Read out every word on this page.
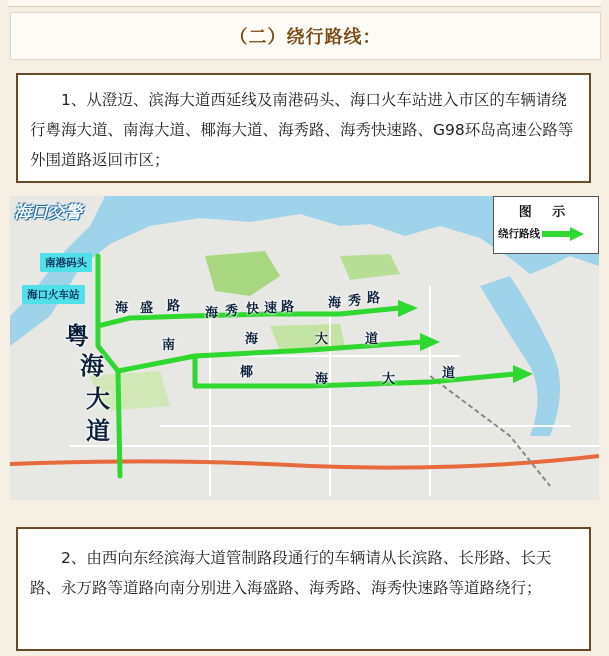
（二）绕行路线：

1、从澄迈、滨海大道西延线及南港码头、海口火车站进入市区的车辆请绕行粤海大道、南海大道、椰海大道、海秀路、海秀快速路、G98环岛高速公路等外围道路返回市区；

海口交警	图 示
绕行路线
南港码头
海口火车站
粤
海
大
道
海 盛 路 海 秀 快 速 路	海 秀 路
南	海	大	道
椰	海	大	道

2、由西向东经滨海大道管制路段通行的车辆请从长滨路、长彤路、长天路、永万路等道路向南分别进入海盛路、海秀路、海秀快速路等道路绕行；
